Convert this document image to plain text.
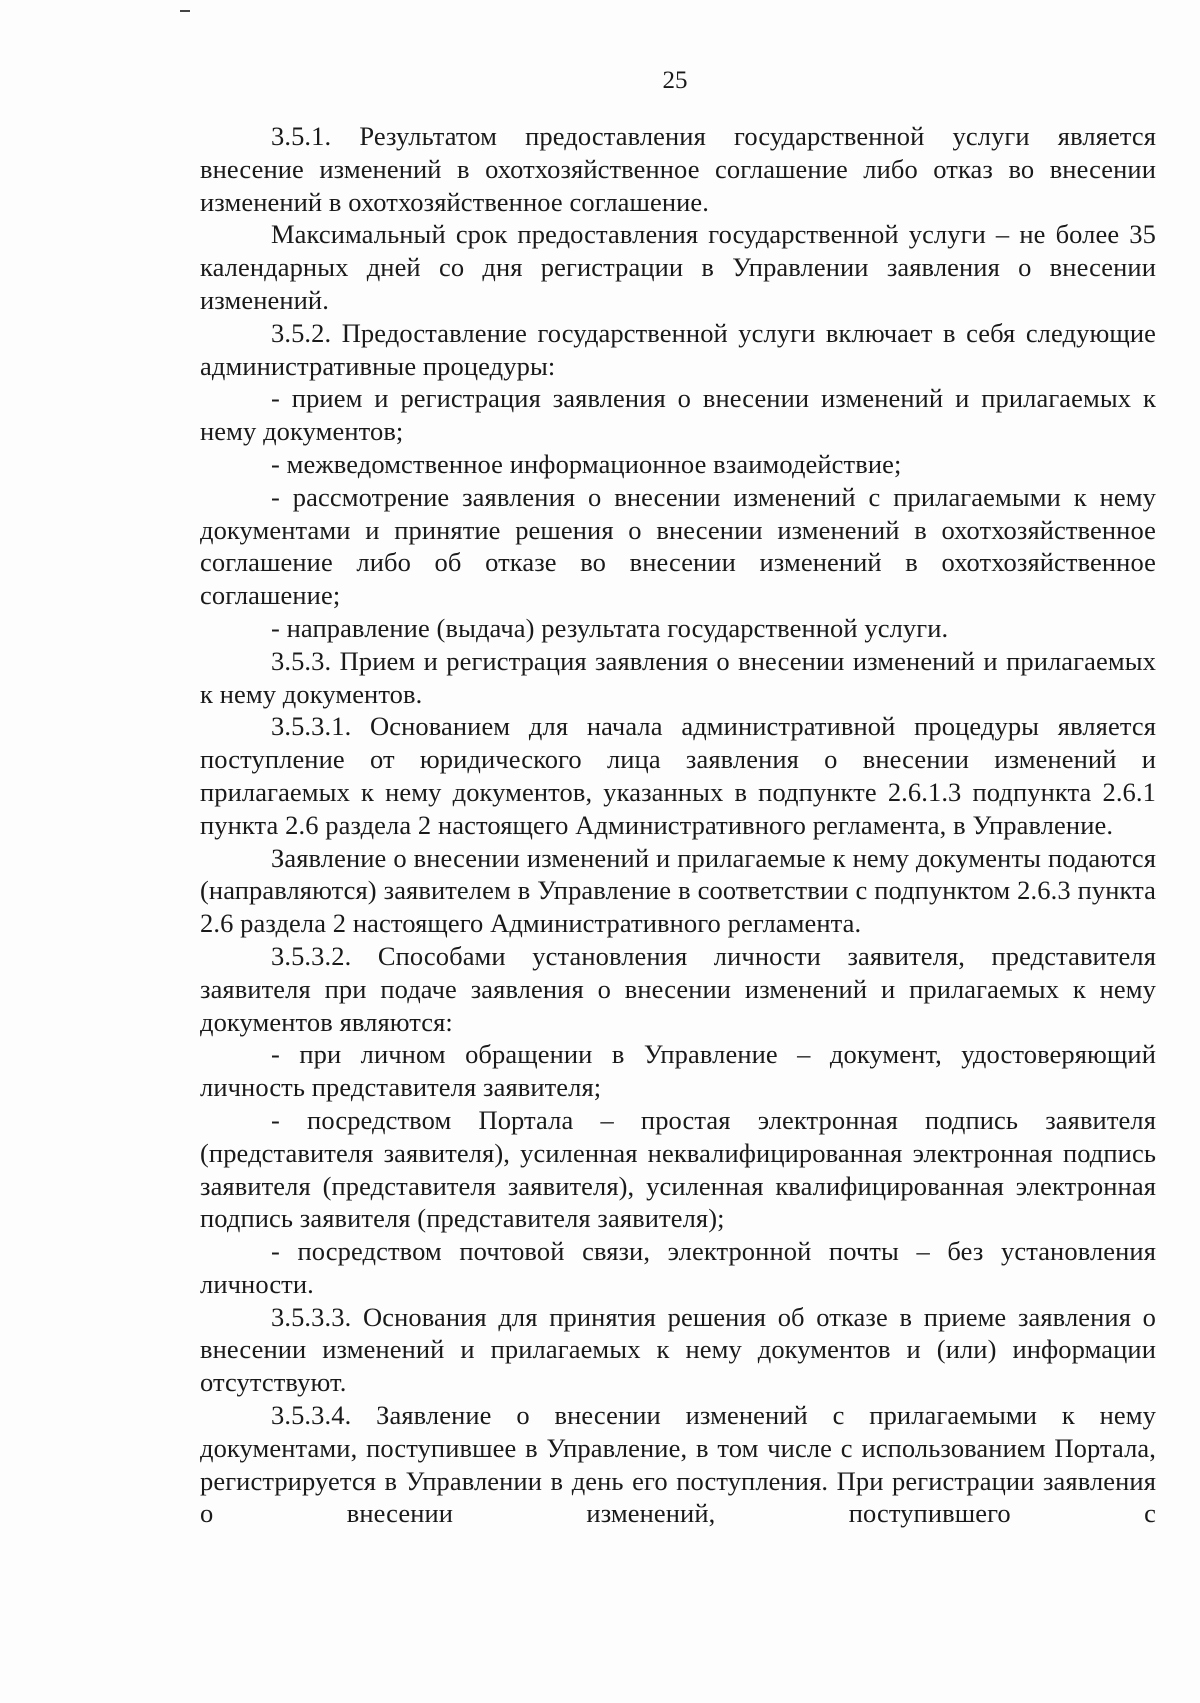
25

3.5.1. Результатом предоставления государственной услуги является внесение изменений в охотхозяйственное соглашение либо отказ во внесении изменений в охотхозяйственное соглашение.

Максимальный срок предоставления государственной услуги – не более 35 календарных дней со дня регистрации в Управлении заявления о внесении изменений.

3.5.2. Предоставление государственной услуги включает в себя следующие административные процедуры:

- прием и регистрация заявления о внесении изменений и прилагаемых к нему документов;

- межведомственное информационное взаимодействие;

- рассмотрение заявления о внесении изменений с прилагаемыми к нему документами и принятие решения о внесении изменений в охотхозяйственное соглашение либо об отказе во внесении изменений в охотхозяйственное соглашение;

- направление (выдача) результата государственной услуги.

3.5.3. Прием и регистрация заявления о внесении изменений и прилагаемых к нему документов.

3.5.3.1. Основанием для начала административной процедуры является поступление от юридического лица заявления о внесении изменений и прилагаемых к нему документов, указанных в подпункте 2.6.1.3 подпункта 2.6.1 пункта 2.6 раздела 2 настоящего Административного регламента, в Управление.

Заявление о внесении изменений и прилагаемые к нему документы подаются (направляются) заявителем в Управление в соответствии с подпунктом 2.6.3 пункта 2.6 раздела 2 настоящего Административного регламента.

3.5.3.2. Способами установления личности заявителя, представителя заявителя при подаче заявления о внесении изменений и прилагаемых к нему документов являются:

- при личном обращении в Управление – документ, удостоверяющий личность представителя заявителя;

- посредством Портала – простая электронная подпись заявителя (представителя заявителя), усиленная неквалифицированная электронная подпись заявителя (представителя заявителя), усиленная квалифицированная электронная подпись заявителя (представителя заявителя);

- посредством почтовой связи, электронной почты – без установления личности.

3.5.3.3. Основания для принятия решения об отказе в приеме заявления о внесении изменений и прилагаемых к нему документов и (или) информации отсутствуют.

3.5.3.4. Заявление о внесении изменений с прилагаемыми к нему документами, поступившее в Управление, в том числе с использованием Портала, регистрируется в Управлении в день его поступления. При регистрации заявления о внесении изменений, поступившего с
